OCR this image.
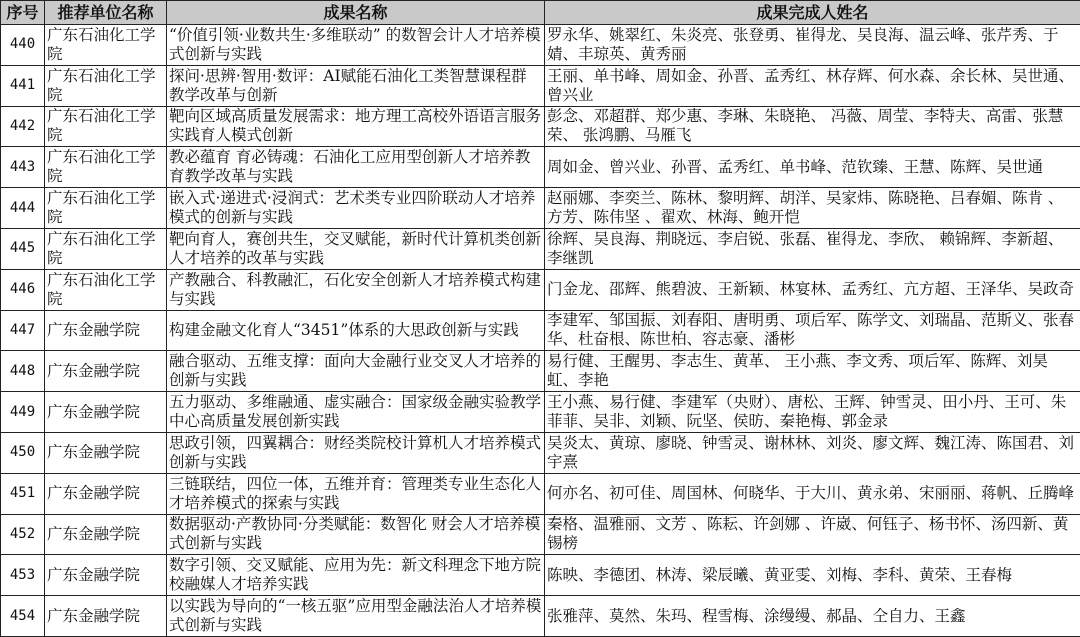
序号	推荐单位名称	成果名称	成果完成人姓名
440	广东石油化工学院	“价值引领·业数共生·多维联动” 的数智会计人才培养模式创新与实践	罗永华、姚翠红、朱炎亮、张登勇、崔得龙、吴良海、温云峰、张芹秀、于婧、丰琼英、黄秀丽
441	广东石油化工学院	探问·思辨·智用·数评：AI赋能石油化工类智慧课程群教学改革与创新	王丽、单书峰、周如金、孙晋、孟秀红、林存辉、何水森、余长林、吴世通、曾兴业
442	广东石油化工学院	靶向区域高质量发展需求：地方理工高校外语语言服务实践育人模式创新	彭念、邓超群、郑少惠、李琳、朱晓艳、 冯薇、周莹、李特夫、高雷、张慧荣、 张鸿鹏、马雁飞
443	广东石油化工学院	教必蕴育 育必铸魂：石油化工应用型创新人才培养教育教学改革与实践	周如金、曾兴业、孙晋、孟秀红、单书峰、范钦臻、王慧、陈辉、吴世通
444	广东石油化工学院	嵌入式·递进式·浸润式：艺术类专业四阶联动人才培养模式的创新与实践	赵丽娜、李奕兰、陈林、黎明辉、胡洋、吴家炜、陈晓艳、吕春媚、陈肯 、方芳、陈伟坚 、翟欢、林海、鲍开恺
445	广东石油化工学院	靶向育人，赛创共生，交叉赋能，新时代计算机类创新人才培养的改革与实践	徐辉、吴良海、荆晓远、李启锐、张磊、崔得龙、李欣、 赖锦辉、李新超、李继凯
446	广东石油化工学院	产教融合、科教融汇，石化安全创新人才培养模式构建与实践	门金龙、邵辉、熊碧波、王新颖、林宴林、孟秀红、亢方超、王泽华、吴政奇
447	广东金融学院	构建金融文化育人“3451”体系的大思政创新与实践	李建军、邹国振、刘春阳、唐明勇、项后军、陈学文、刘瑞晶、范斯义、张春华、杜奋根、陈世柏、容志豪、潘彬
448	广东金融学院	融合驱动、五维支撑：面向大金融行业交叉人才培养的创新与实践	易行健、王醒男、李志生、黄革、 王小燕、李文秀、项后军、陈辉、刘昊虹、李艳
449	广东金融学院	五力驱动、多维融通、虚实融合：国家级金融实验教学中心高质量发展创新实践	王小燕、易行健、李建军（央财）、唐松、王辉、钟雪灵、田小丹、王可、朱菲菲、吴非、刘颖、阮坚、侯昉、秦艳梅、郭金录
450	广东金融学院	思政引领，四翼耦合：财经类院校计算机人才培养模式创新与实践	吴炎太、黄琼、廖晓、钟雪灵、谢林林、刘炎、廖文辉、魏江涛、陈国君、刘宇熹
451	广东金融学院	三链联结，四位一体，五维并育：管理类专业生态化人才培养模式的探索与实践	何亦名、初可佳、周国林、何晓华、于大川、黄永弟、宋丽丽、蒋帆、丘腾峰
452	广东金融学院	数据驱动·产教协同·分类赋能：数智化 财会人才培养模式创新与实践	秦格、温雅丽、文芳 、陈耘、许剑娜 、许崴、何钰子、杨书怀、汤四新、黄锡榜
453	广东金融学院	数字引领、交叉赋能、应用为先：新文科理念下地方院校融媒人才培养实践	陈映、李德团、林涛、梁辰曦、黄亚雯、刘梅、李科、黄荣、王春梅
454	广东金融学院	以实践为导向的“一核五驱”应用型金融法治人才培养模式创新与实践	张雅萍、莫然、朱玛、程雪梅、涂缦缦、郝晶、仝自力、王鑫
